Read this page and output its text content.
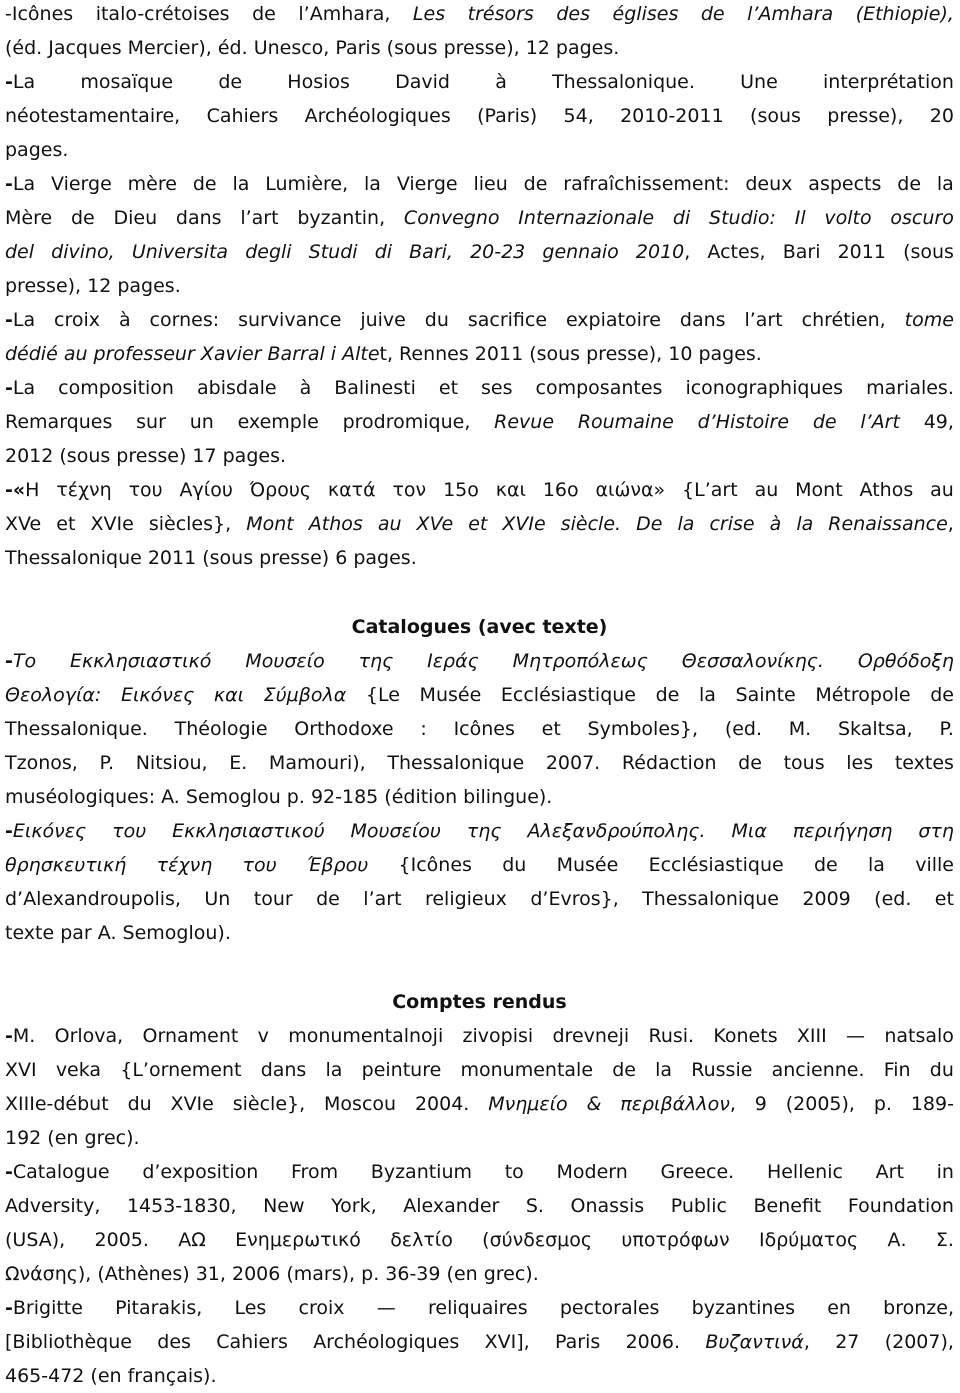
-Icônes italo-crétoises de l’Amhara, Les trésors des églises de l’Amhara (Ethiopie),
(éd. Jacques Mercier), éd. Unesco, Paris (sous presse), 12 pages.
-La mosaïque de Hosios David à Thessalonique. Une interprétation
néotestamentaire, Cahiers Archéologiques (Paris) 54, 2010-2011 (sous presse), 20
pages.
-La Vierge mère de la Lumière, la Vierge lieu de rafraîchissement: deux aspects de la
Mère de Dieu dans l’art byzantin, Convegno Internazionale di Studio: Il volto oscuro
del divino, Universita degli Studi di Bari, 20-23 gennaio 2010, Actes, Bari 2011 (sous
presse), 12 pages.
-La croix à cornes: survivance juive du sacrifice expiatoire dans l’art chrétien, tome
dédié au professeur Xavier Barral i Alte t, Rennes 2011 (sous presse), 10 pages.
-La composition abisdale à Balinesti et ses composantes iconographiques mariales.
Remarques sur un exemple prodromique, Revue Roumaine d’Histoire de l’Art 49,
2012 (sous presse) 17 pages.
-«Η τέχνη του Αγίου Όρους κατά τον 15ο και 16ο αιώνα» {L’art au Mont Athos au
XVe et XVIe siècles}, Mont Athos au XVe et XVIe siècle. De la crise à la Renaissance,
Thessalonique 2011 (sous presse) 6 pages.
Catalogues (avec texte)
-Το Εκκλησιαστικό Μουσείο της Ιεράς Μητροπόλεως Θεσσαλονίκης. Ορθόδοξη
Θεολογία: Εικόνες και Σύμβολα {Le Musée Ecclésiastique de la Sainte Métropole de
Thessalonique. Théologie Orthodoxe : Icônes et Symboles}, (ed. M. Skaltsa, P.
Tzonos, P. Nitsiou, E. Mamouri), Thessalonique 2007. Rédaction de tous les textes
muséologiques: A. Semoglou p. 92-185 (édition bilingue).
-Εικόνες του Εκκλησιαστικού Μουσείου της Αλεξανδρούπολης. Μια περιήγηση στη
θρησκευτική τέχνη του Έβρου {Icônes du Musée Ecclésiastique de la ville
d’Alexandroupolis, Un tour de l’art religieux d’Evros}, Thessalonique 2009 (ed. et
texte par A. Semoglou).
Comptes rendus
-M. Orlova, Ornament v monumentalnoji zivopisi drevneji Rusi. Konets XIII — natsalo
XVI veka {L’ornement dans la peinture monumentale de la Russie ancienne. Fin du
XIIIe-début du XVIe siècle}, Moscou 2004. Μνημείο & περιβάλλον, 9 (2005), p. 189-
192 (en grec).
-Catalogue d’exposition From Byzantium to Modern Greece. Hellenic Art in
Adversity, 1453-1830, New York, Alexander S. Onassis Public Benefit Foundation
(USA), 2005. ΑΩ Ενημερωτικό δελτίο (σύνδεσμος υποτρόφων Ιδρύματος Α. Σ.
Ωνάσης), (Athènes) 31, 2006 (mars), p. 36-39 (en grec).
-Brigitte Pitarakis, Les croix — reliquaires pectorales byzantines en bronze,
[Bibliothèque des Cahiers Archéologiques XVI], Paris 2006. Βυζαντινά, 27 (2007),
465-472 (en français).
